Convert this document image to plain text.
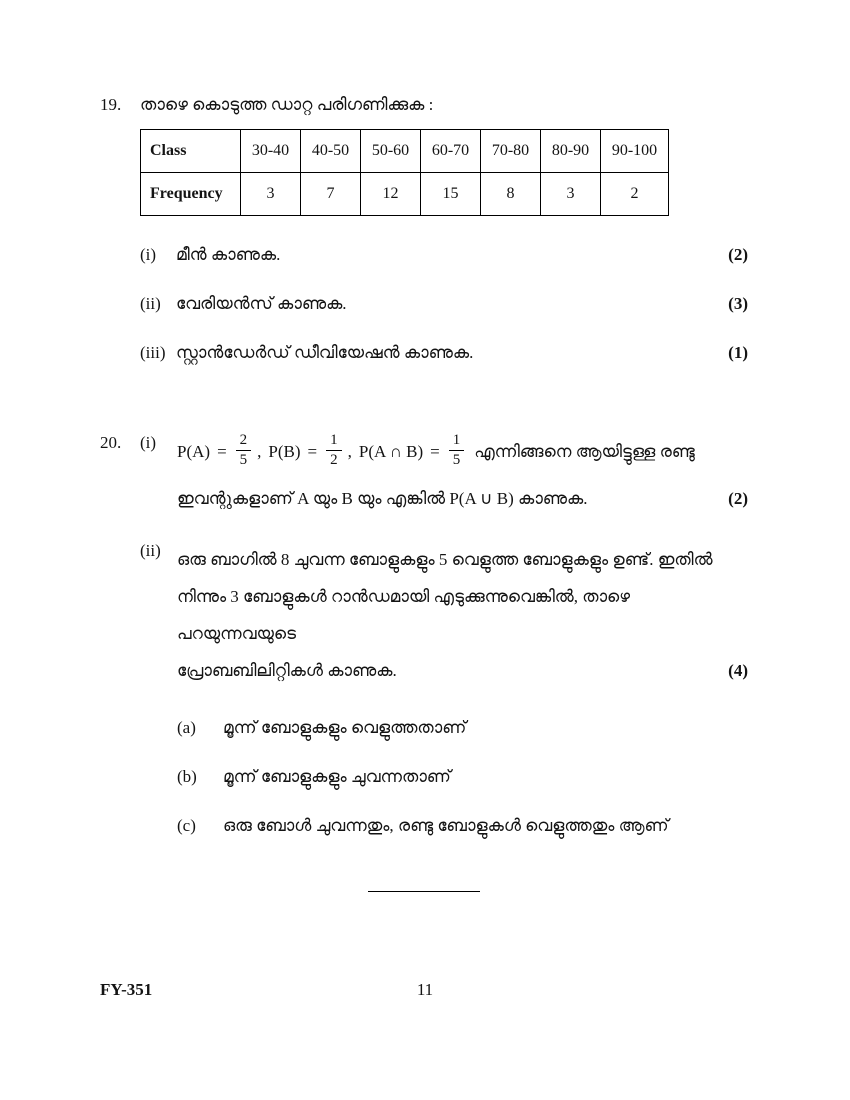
19.	താഴെ കൊടുത്ത ഡാറ്റ പരിഗണിക്കുക :
Class	30-40	40-50	50-60	60-70	70-80	80-90	90-100
Frequency	3	7	12	15	8	3	2
(i)	മീൻ കാണുക.	(2)
(ii) വേരിയൻസ് കാണുക.	(3)
(iii) സ്റ്റാൻഡേർഡ് ഡീവിയേഷൻ കാണുക.	(1)
20.	(i)	$P(A) = \frac{2}{5}$ , $P(B) = \frac{1}{2}$ , P(A ∩ $B) = \frac{1}{5}$ എന്നിങ്ങനെ ആയിട്ടുള്ള രണ്ടു
ഇവന്റുകളാണ് A യും B യും എങ്കിൽ P(A ∪ B) കാണുക.	(2)
(ii) ഒരു ബാഗിൽ 8 ചുവന്ന ബോളുകളും 5 വെളുത്ത ബോളുകളും ഉണ്ട്. ഇതിൽ
നിന്നും 3 ബോളുകൾ റാൻഡമായി എടുക്കുന്നുവെങ്കിൽ, താഴെ പറയുന്നവയുടെ
പ്രോബബിലിറ്റികൾ കാണുക.	(4)
(a)	മൂന്ന് ബോളുകളും വെളുത്തതാണ്
(b)	മൂന്ന് ബോളുകളും ചുവന്നതാണ്
(c)	ഒരു ബോൾ ചുവന്നതും, രണ്ടു ബോളുകൾ വെളുത്തതും ആണ്
FY-351	11
